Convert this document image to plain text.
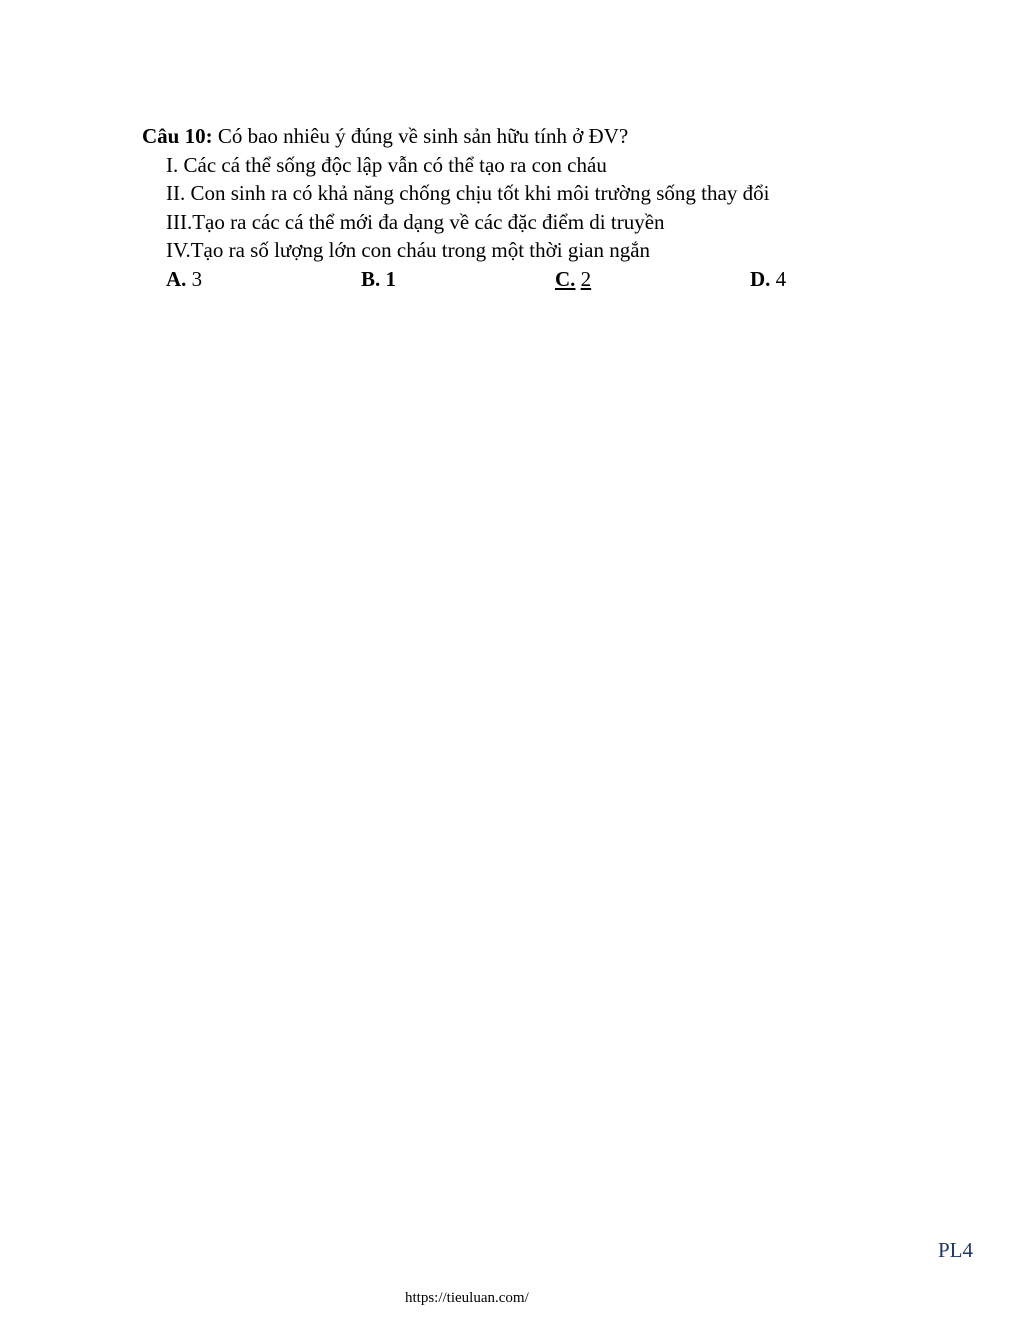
Câu 10: Có bao nhiêu ý đúng về sinh sản hữu tính ở ĐV?
I. Các cá thể sống độc lập vẫn có thể tạo ra con cháu
II. Con sinh ra có khả năng chống chịu tốt khi môi trường sống thay đổi
III.Tạo ra các cá thể mới đa dạng về các đặc điểm di truyền
IV.Tạo ra số lượng lớn con cháu trong một thời gian ngắn
A. 3	B. 1	C. 2	D. 4
PL4
https://tieuluan.com/
